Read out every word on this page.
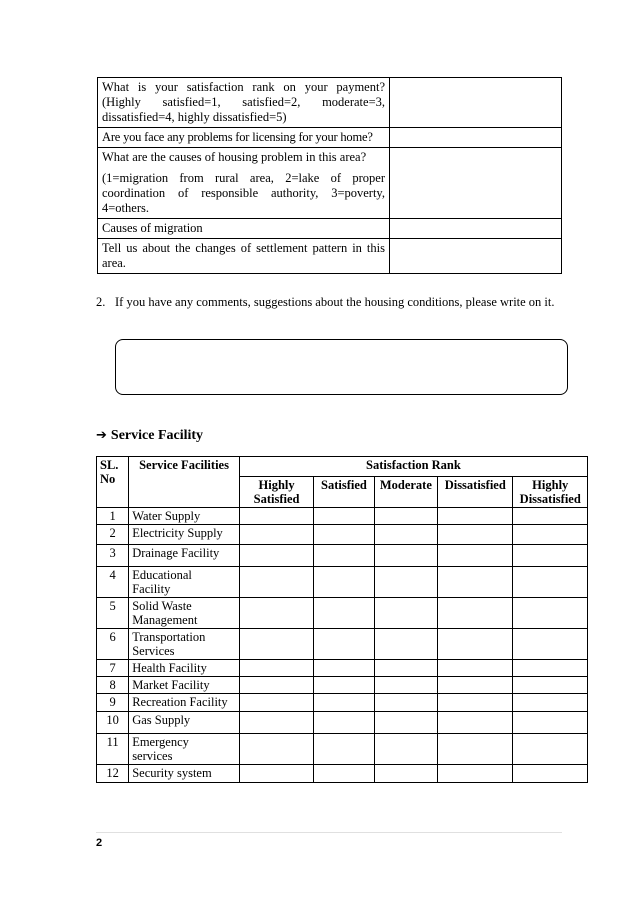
What is your satisfaction rank on your payment?
(Highly satisfied=1, satisfied=2, moderate=3,
dissatisfied=4, highly dissatisfied=5)	
Are you face any problems for licensing for your home?	

What are the causes of housing problem in this area?
(1=migration from rural area, 2=lake of proper
coordination of responsible authority, 3=poverty,
4=others.	
Causes of migration	

Tell us about the changes of settlement pattern in this
area.	
2. If you have any comments, suggestions about the housing conditions, please write on it.
➔ Service Facility
SL. No	Service Facilities	Satisfaction Rank				
		Highly Satisfied	Satisfied	Moderate	Dissatisfied	Highly Dissatisfied
1	Water Supply					
2	Electricity Supply					
3	Drainage Facility					
4	Educational Facility					
5	Solid Waste Management					
6	Transportation Services					
7	Health Facility					
8	Market Facility					
9	Recreation Facility					
10	Gas Supply					
11	Emergency services					
12	Security system					
2
